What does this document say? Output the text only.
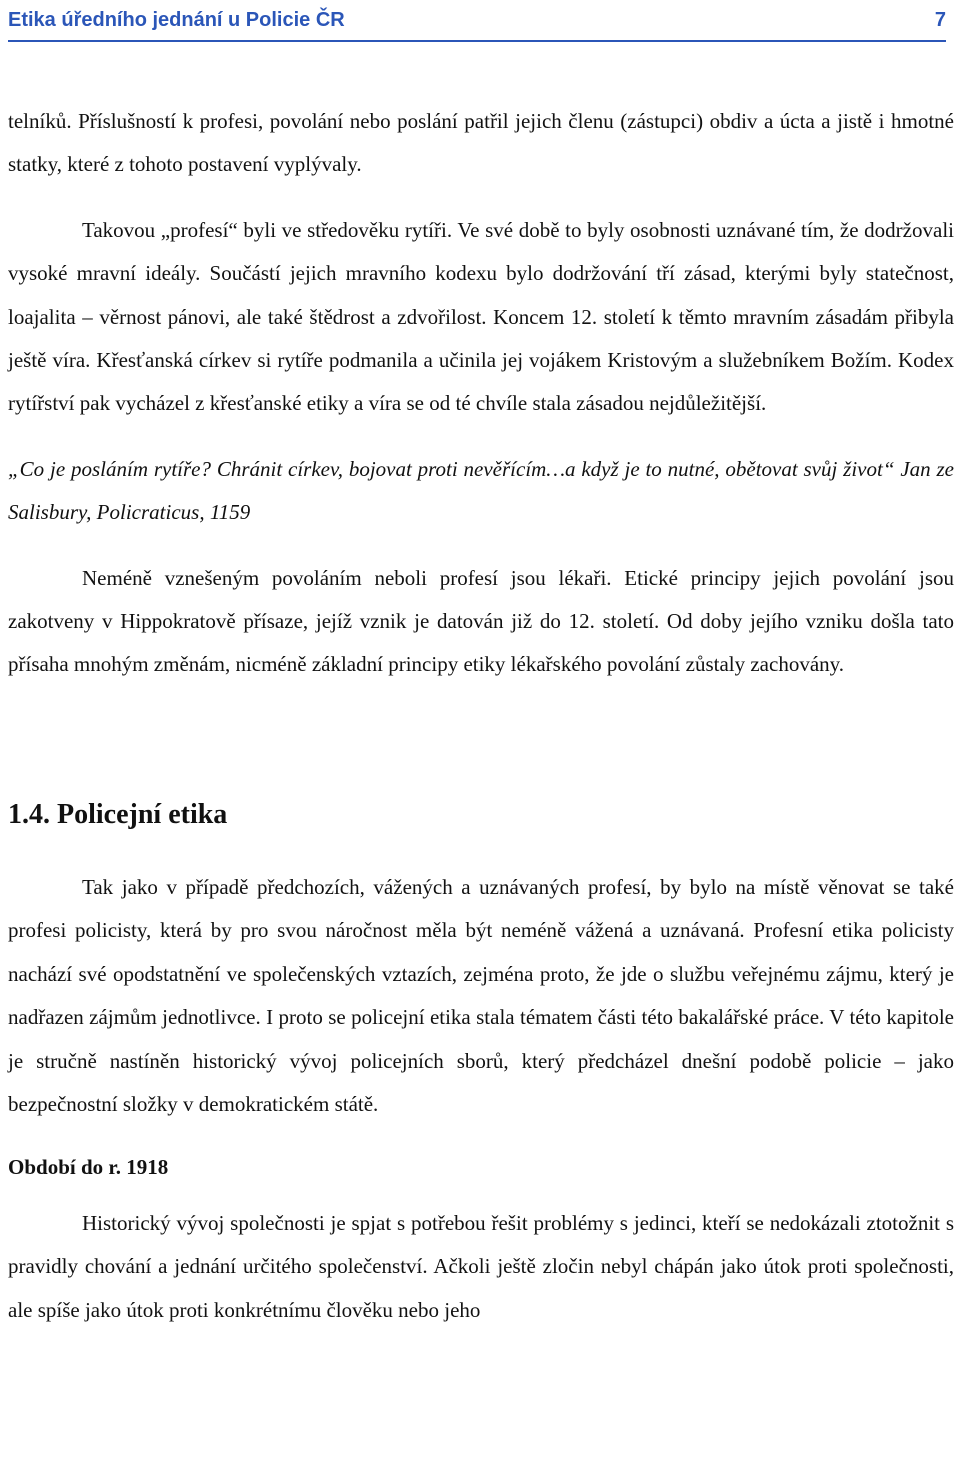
Etika úředního jednání u Policie ČR	7

telníků. Příslušností k profesi, povolání nebo poslání patřil jejich členu (zástupci) obdiv a úcta a jistě i hmotné statky, které z tohoto postavení vyplývaly.

Takovou „profesí“ byli ve středověku rytíři. Ve své době to byly osobnosti uznávané tím, že dodržovali vysoké mravní ideály. Součástí jejich mravního kodexu bylo dodržování tří zásad, kterými byly statečnost, loajalita – věrnost pánovi, ale také štědrost a zdvořilost. Koncem 12. století k těmto mravním zásadám přibyla ještě víra. Křesťanská církev si rytíře podmanila a učinila jej vojákem Kristovým a služebníkem Božím. Kodex rytířství pak vycházel z křesťanské etiky a víra se od té chvíle stala zásadou nejdůležitější.

„Co je posláním rytíře? Chránit církev, bojovat proti nevěřícím…a když je to nutné, obětovat svůj život“ Jan ze Salisbury, Policraticus, 1159

Neméně vznešeným povoláním neboli profesí jsou lékaři. Etické principy jejich povolání jsou zakotveny v Hippokratově přísaze, jejíž vznik je datován již do 12. století. Od doby jejího vzniku došla tato přísaha mnohým změnám, nicméně základní principy etiky lékařského povolání zůstaly zachovány.

1.4. Policejní etika

Tak jako v případě předchozích, vážených a uznávaných profesí, by bylo na místě věnovat se také profesi policisty, která by pro svou náročnost měla být neméně vážená a uznávaná. Profesní etika policisty nachází své opodstatnění ve společenských vztazích, zejména proto, že jde o službu veřejnému zájmu, který je nadřazen zájmům jednotlivce. I proto se policejní etika stala tématem části této bakalářské práce. V této kapitole je stručně nastíněn historický vývoj policejních sborů, který předcházel dnešní podobě policie – jako bezpečnostní složky v demokratickém státě.

Období do r. 1918

Historický vývoj společnosti je spjat s potřebou řešit problémy s jedinci, kteří se nedokázali ztotožnit s pravidly chování a jednání určitého společenství. Ačkoli ještě zločin nebyl chápán jako útok proti společnosti, ale spíše jako útok proti konkrétnímu člověku nebo jeho
